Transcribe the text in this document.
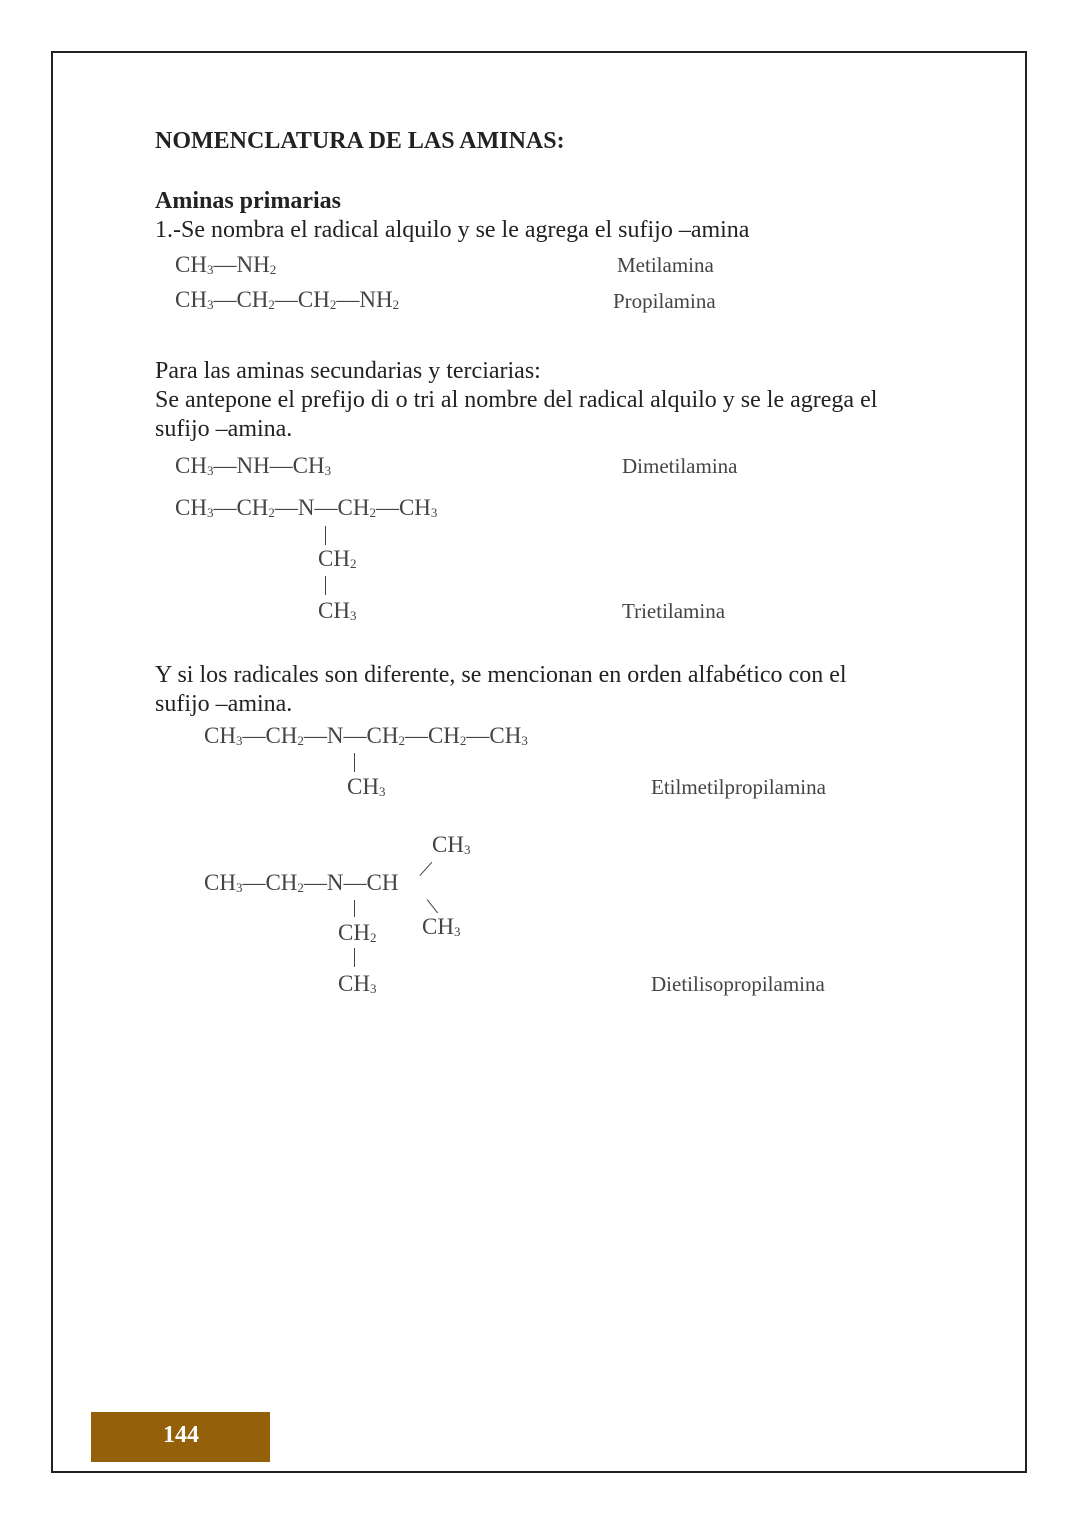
NOMENCLATURA DE LAS AMINAS:
Aminas primarias
1.-Se nombra el radical alquilo y se le agrega el sufijo –amina
$CH_3—NH_2$	Metilamina
$CH_3—CH_2—CH_2—NH_2$	Propilamina
Para las aminas secundarias y terciarias:
Se antepone el prefijo di o tri al nombre del radical alquilo y se le agrega el
sufijo –amina.
$CH_3—NH—CH_3$	Dimetilamina
$CH_3—CH_2—N—CH_2—CH_3$
$CH_2$
$CH_3$	Trietilamina
Y si los radicales son diferente, se mencionan en orden alfabético con el
sufijo –amina.
$CH_3—CH_2—N—CH_2—CH_2—CH_3$
$CH_3$	Etilmetilpropilamina
$CH_3$
$CH_3—CH_2—N—CH$
$CH_2$ $CH_3$
$CH_3$	Dietilisopropilamina
144
